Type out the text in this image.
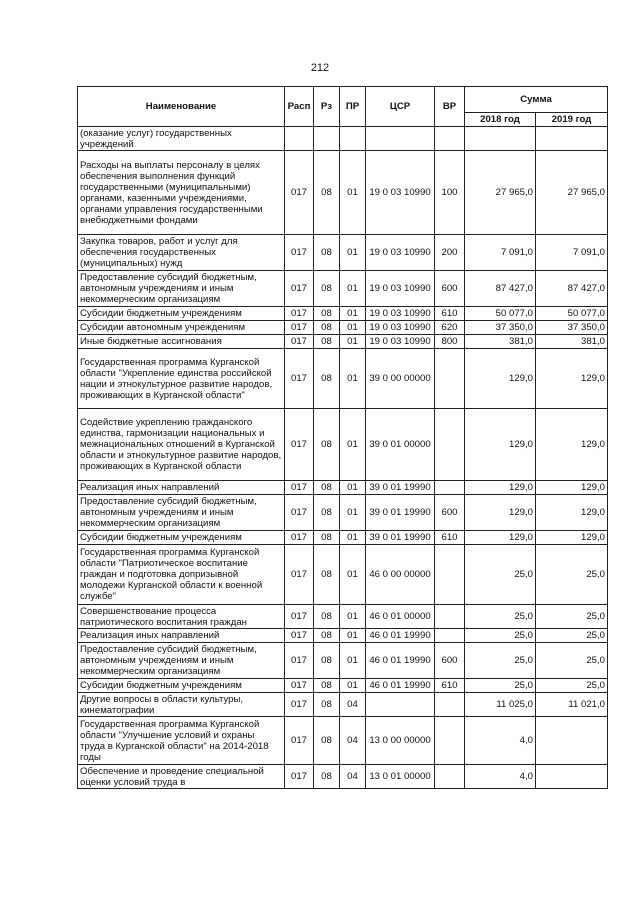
212
Наименование	Расп	Рз	ПР	ЦСР	ВР	Сумма	
						2018 год	2019 год
(оказание услуг) государственных учреждений							
Расходы на выплаты персоналу в целях обеспечения выполнения функций государственными (муниципальными) органами, казенными учреждениями, органами управления государственными внебюджетными фондами	017	08	01	19 0 03 10990	100	27 965,0	27 965,0
Закупка товаров, работ и услуг для обеспечения государственных (муниципальных) нужд	017	08	01	19 0 03 10990	200	7 091,0	7 091,0
Предоставление субсидий бюджетным, автономным учреждениям и иным некоммерческим организациям	017	08	01	19 0 03 10990	600	87 427,0	87 427,0
Субсидии бюджетным учреждениям	017	08	01	19 0 03 10990	610	50 077,0	50 077,0
Субсидии автономным учреждениям	017	08	01	19 0 03 10990	620	37 350,0	37 350,0
Иные бюджетные ассигнования	017	08	01	19 0 03 10990	800	381,0	381,0
Государственная программа Курганской области "Укрепление единства российской нации и этнокультурное развитие народов, проживающих в Курганской области"	017	08	01	39 0 00 00000		129,0	129,0
Содействие укреплению гражданского единства, гармонизации национальных и межнациональных отношений в Курганской области и этнокультурное развитие народов, проживающих в Курганской области	017	08	01	39 0 01 00000		129,0	129,0
Реализация иных направлений	017	08	01	39 0 01 19990		129,0	129,0
Предоставление субсидий бюджетным, автономным учреждениям и иным некоммерческим организациям	017	08	01	39 0 01 19990	600	129,0	129,0
Субсидии бюджетным учреждениям	017	08	01	39 0 01 19990	610	129,0	129,0
Государственная программа Курганской области "Патриотическое воспитание граждан и подготовка допризывной молодежи Курганской области к военной службе"	017	08	01	46 0 00 00000		25,0	25,0
Совершенствование процесса патриотического воспитания граждан	017	08	01	46 0 01 00000		25,0	25,0
Реализация иных направлений	017	08	01	46 0 01 19990		25,0	25,0
Предоставление субсидий бюджетным, автономным учреждениям и иным некоммерческим организациям	017	08	01	46 0 01 19990	600	25,0	25,0
Субсидии бюджетным учреждениям	017	08	01	46 0 01 19990	610	25,0	25,0
Другие вопросы в области культуры, кинематографии	017	08	04			11 025,0	11 021,0
Государственная программа Курганской области "Улучшение условий и охраны труда в Курганской области" на 2014-2018 годы	017	08	04	13 0 00 00000		4,0	
Обеспечение и проведение специальной оценки условий труда в	017	08	04	13 0 01 00000		4,0	
